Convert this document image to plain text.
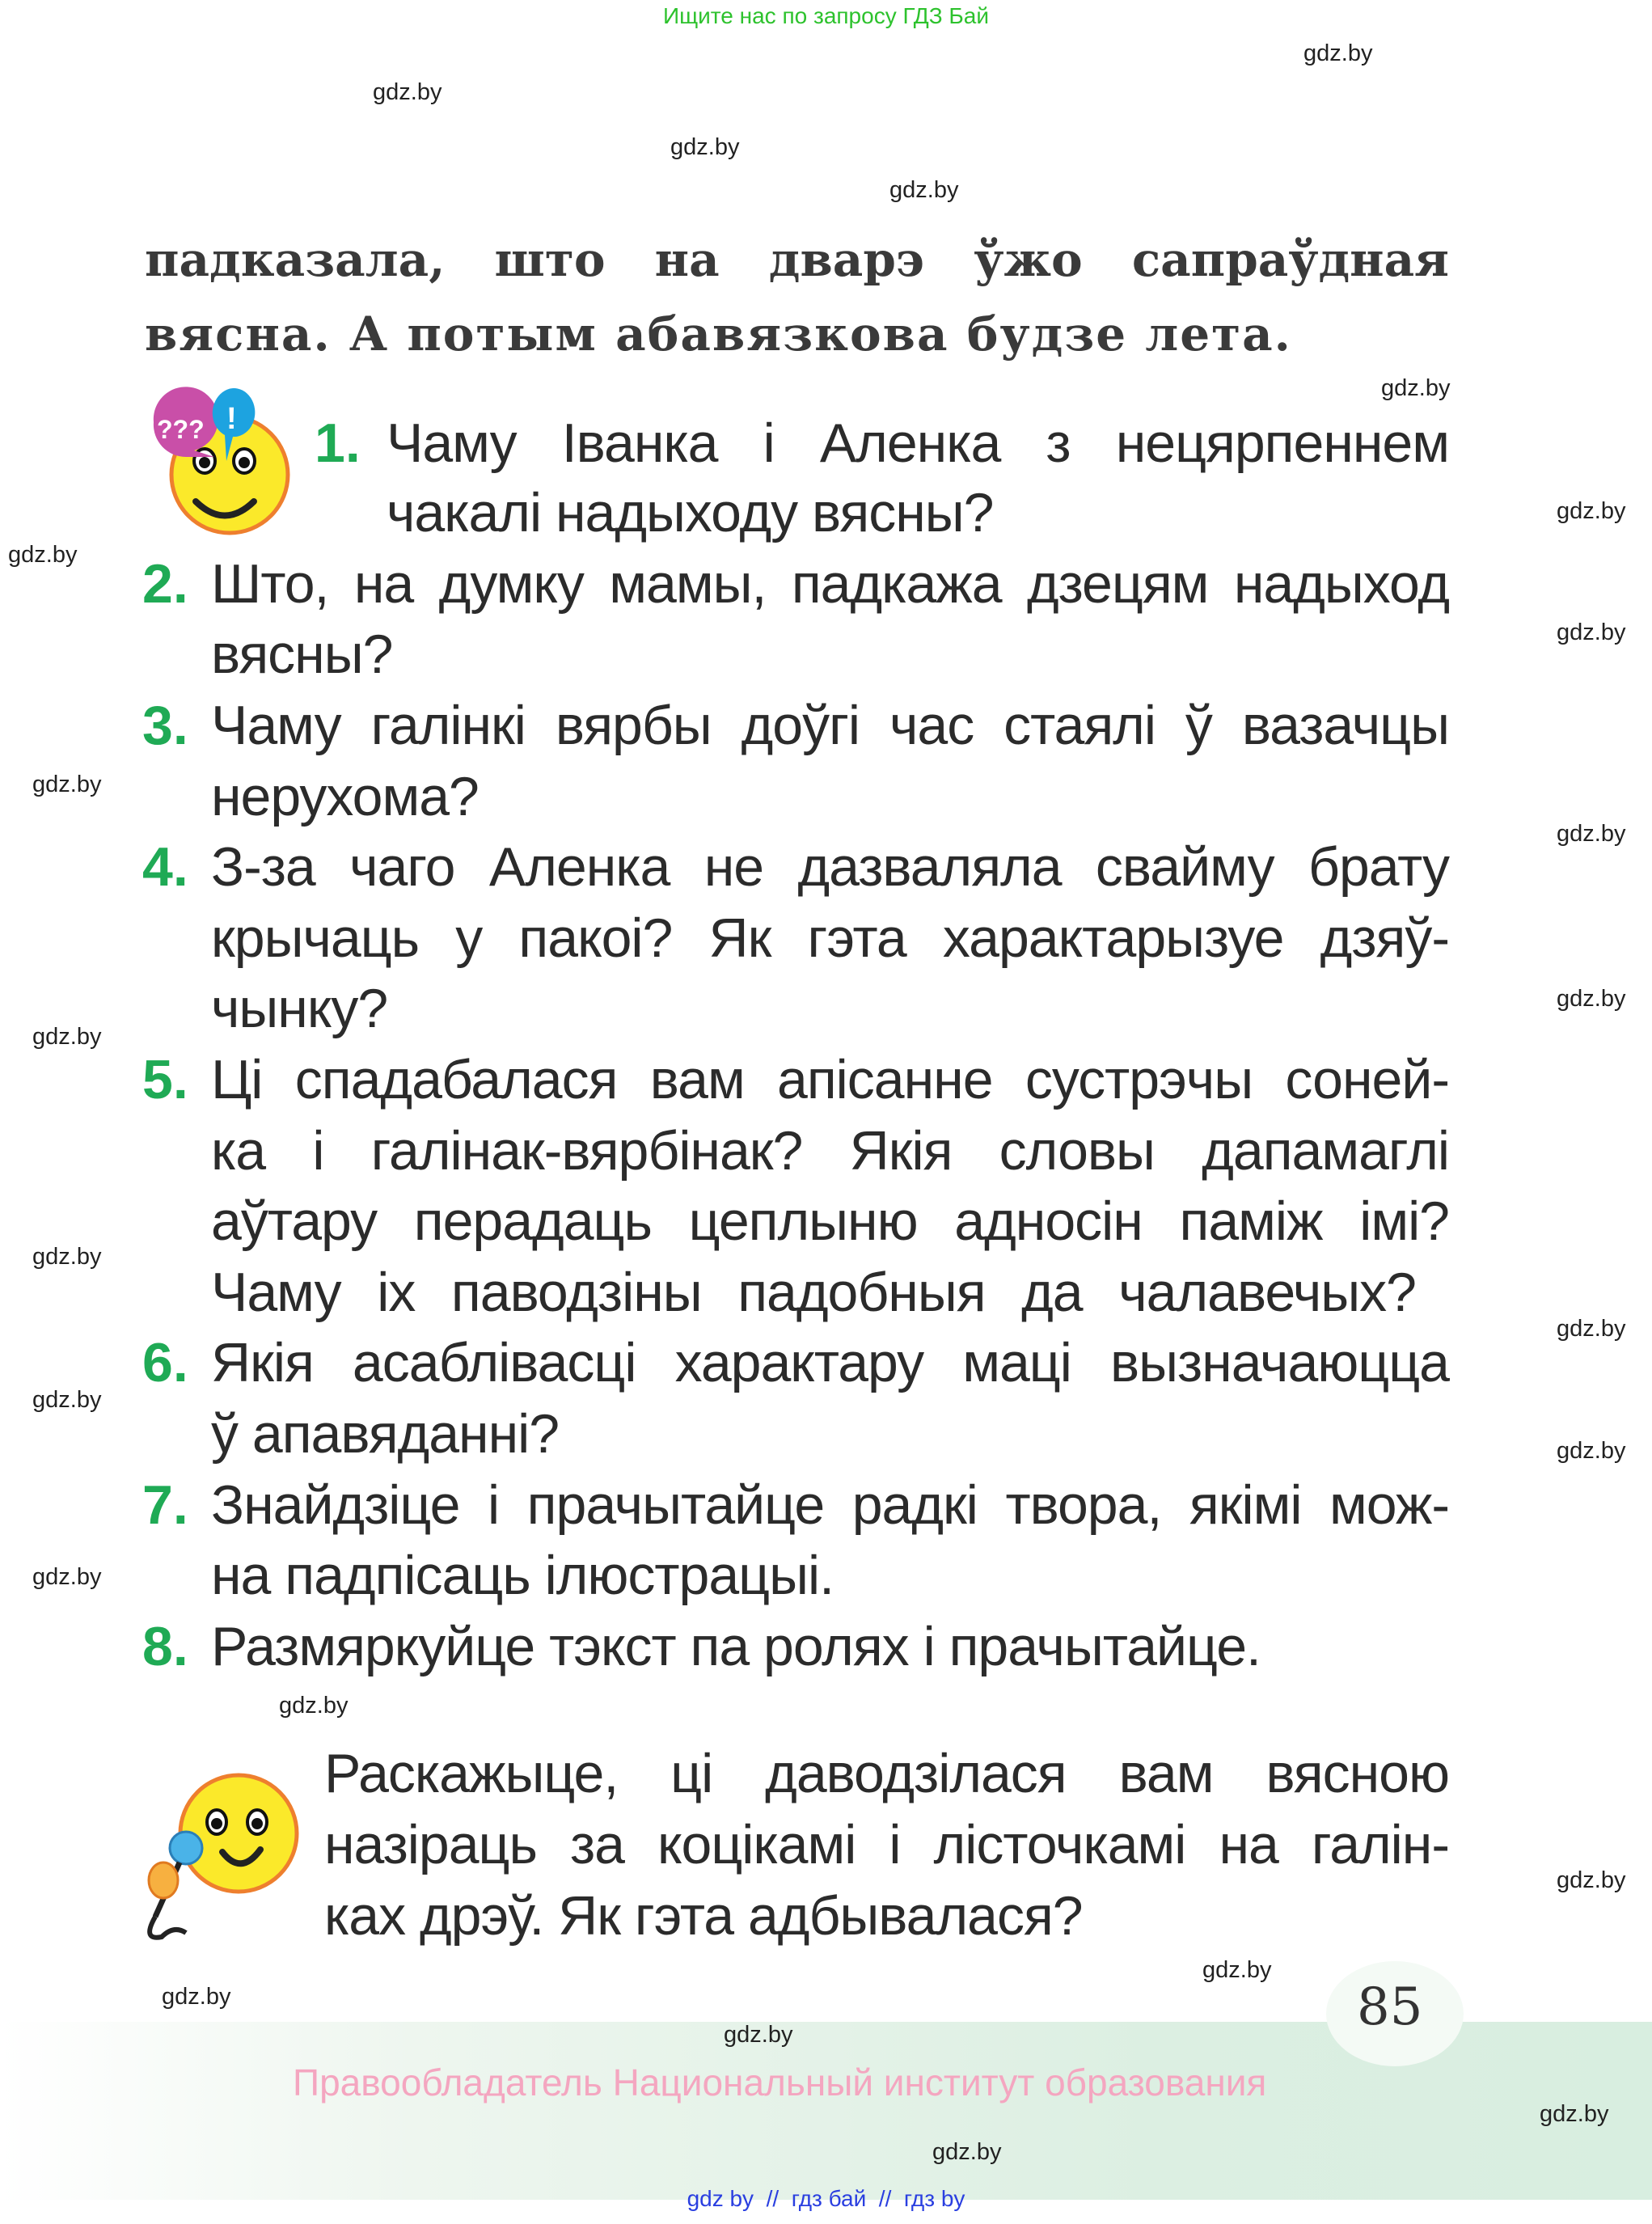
Ищите нас по запросу ГДЗ Бай
падказала, што на дварэ ўжо сапраўдная
вясна. А потым абавязкова будзе лета.
??? ! 1. Чаму Іванка і Аленка з нецярпеннем
чакалі надыходу вясны?
2. Што, на думку мамы, падкажа дзецям надыход
вясны?
3. Чаму галінкі вярбы доўгі час стаялі ў вазачцы
нерухома?
4. З-за чаго Аленка не дазваляла свайму брату
крычаць у пакоі? Як гэта характарызуе дзяў-
чынку?
5. Ці спадабалася вам апісанне сустрэчы соней-
ка і галінак-вярбінак? Якія словы дапамаглі
аўтару перадаць цеплыню адносін паміж імі?
Чаму іх паводзіны падобныя да чалавечых?
6. Якія асаблівасці характару маці вызначаюцца
ў апавяданні?
7. Знайдзіце і прачытайце радкі твора, якімі мож-
на падпісаць ілюстрацыі.
8. Размяркуйце тэкст па ролях і прачытайце.
Раскажыце, ці даводзілася вам вясною
назіраць за коцікамі і лісточкамі на галін-
ках дрэў. Як гэта адбывалася?
85
Правообладатель Национальный институт образования
gdz by  //  гдз бай  //  гдз by
gdz.by
gdz.by
gdz.by
gdz.by
gdz.by
gdz.by
gdz.by
gdz.by
gdz.by
gdz.by
gdz.by
gdz.by
gdz.by
gdz.by
gdz.by
gdz.by
gdz.by
gdz.by
gdz.by
gdz.by
gdz.by
gdz.by
gdz.by
gdz.by
